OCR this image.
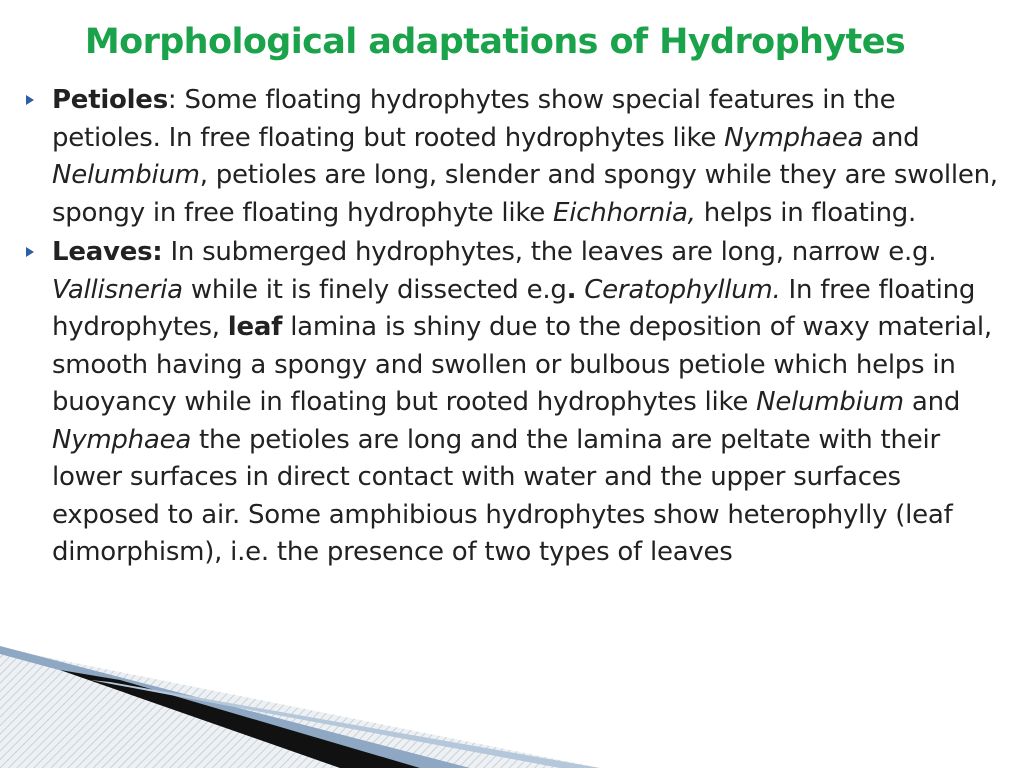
Morphological adaptations of Hydrophytes
Petioles: Some floating hydrophytes show special features in the petioles. In free floating but rooted hydrophytes like Nymphaea and Nelumbium, petioles are long, slender and spongy while they are swollen, spongy in free floating hydrophyte like Eichhornia, helps in floating.
Leaves: In submerged hydrophytes, the leaves are long, narrow e.g. Vallisneria while it is finely dissected e.g. Ceratophyllum. In free floating hydrophytes, leaf lamina is shiny due to the deposition of waxy material, smooth having a spongy and swollen or bulbous petiole which helps in buoyancy while in floating but rooted hydrophytes like Nelumbium and Nymphaea the petioles are long and the lamina are peltate with their lower surfaces in direct contact with water and the upper surfaces exposed to air. Some amphibious hydrophytes show heterophylly (leaf dimorphism), i.e. the presence of two types of leaves
